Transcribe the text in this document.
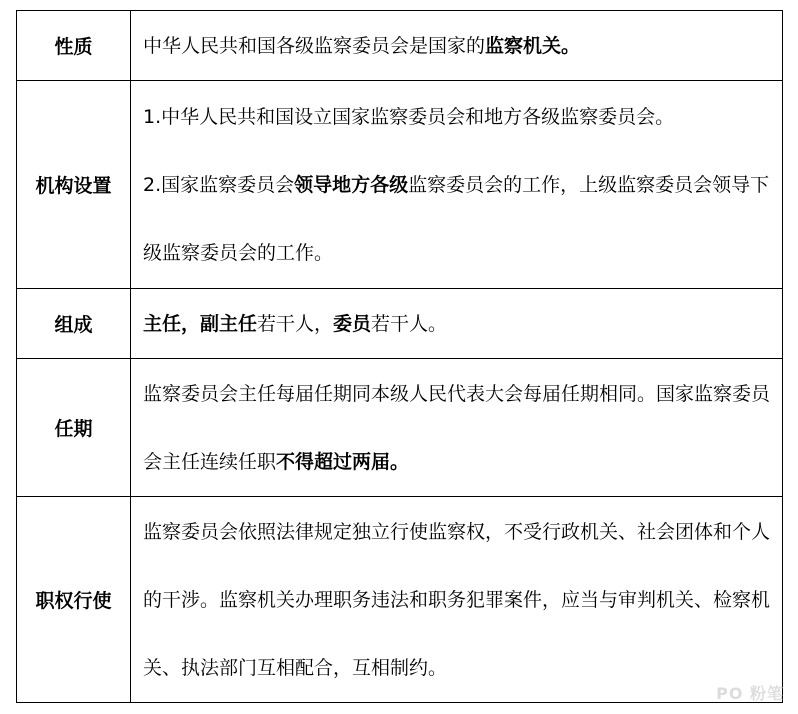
性质	中华人民共和国各级监察委员会是国家的监察机关。
机构设置	1.中华人民共和国设立国家监察委员会和地方各级监察委员会。

2.国家监察委员会领导地方各级监察委员会的工作，上级监察委员会领导下级监察委员会的工作。

组成	主任，副主任若干人，委员若干人。
任期	监察委员会主任每届任期同本级人民代表大会每届任期相同。国家监察委员会主任连续任职不得超过两届。
职权行使	监察委员会依照法律规定独立行使监察权，不受行政机关、社会团体和个人的干涉。监察机关办理职务违法和职务犯罪案件，应当与审判机关、检察机关、执法部门互相配合，互相制约。
PO 粉笔
